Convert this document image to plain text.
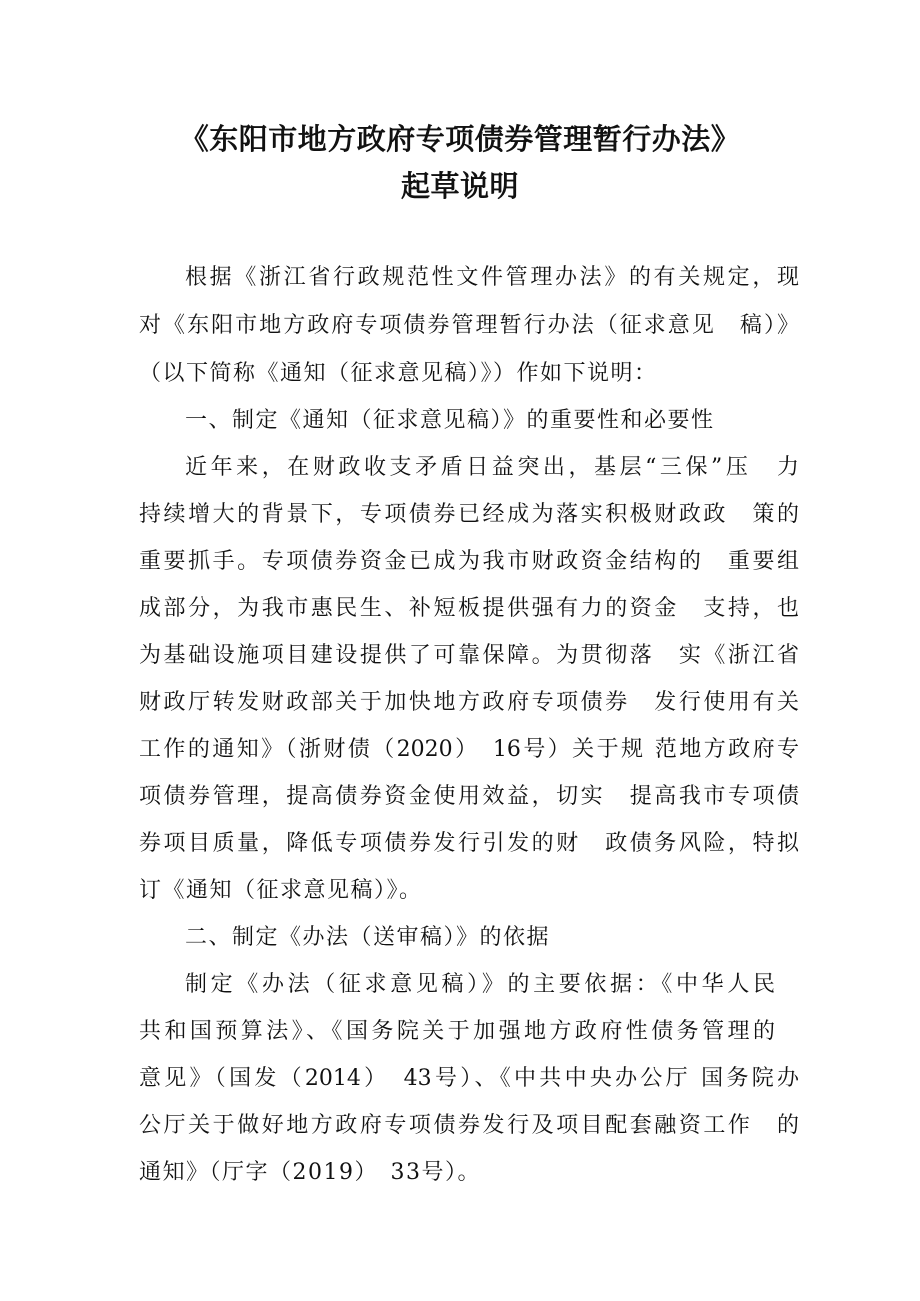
《东阳市地方政府专项债券管理暂行办法》
起草说明
根据《浙江省行政规范性文件管理办法》的有关规定，现
对《东阳市地方政府专项债券管理暂行办法（征求意见　稿）》
（以下简称《通知（征求意见稿）》）作如下说明：
一、制定《通知（征求意见稿）》的重要性和必要性
近年来，在财政收支矛盾日益突出，基层“三保”压　力
持续增大的背景下，专项债券已经成为落实积极财政政　策的
重要抓手。专项债券资金已成为我市财政资金结构的　重要组
成部分，为我市惠民生、补短板提供强有力的资金　支持，也
为基础设施项目建设提供了可靠保障。为贯彻落　实《浙江省
财政厅转发财政部关于加快地方政府专项债券　发行使用有关
工作的通知》（浙财债（2020）　16号）关于规 范地方政府专
项债券管理，提高债券资金使用效益，切实　提高我市专项债
券项目质量，降低专项债券发行引发的财　政债务风险，特拟
订《通知（征求意见稿）》。
二、制定《办法（送审稿）》的依据
制定《办法（征求意见稿）》的主要依据：《中华人民
共和国预算法》、《国务院关于加强地方政府性债务管理的
意见》（国发（2014）　43号）、《中共中央办公厅 国务院办
公厅关于做好地方政府专项债券发行及项目配套融资工作　的
通知》（厅字（2019）　33号）。
